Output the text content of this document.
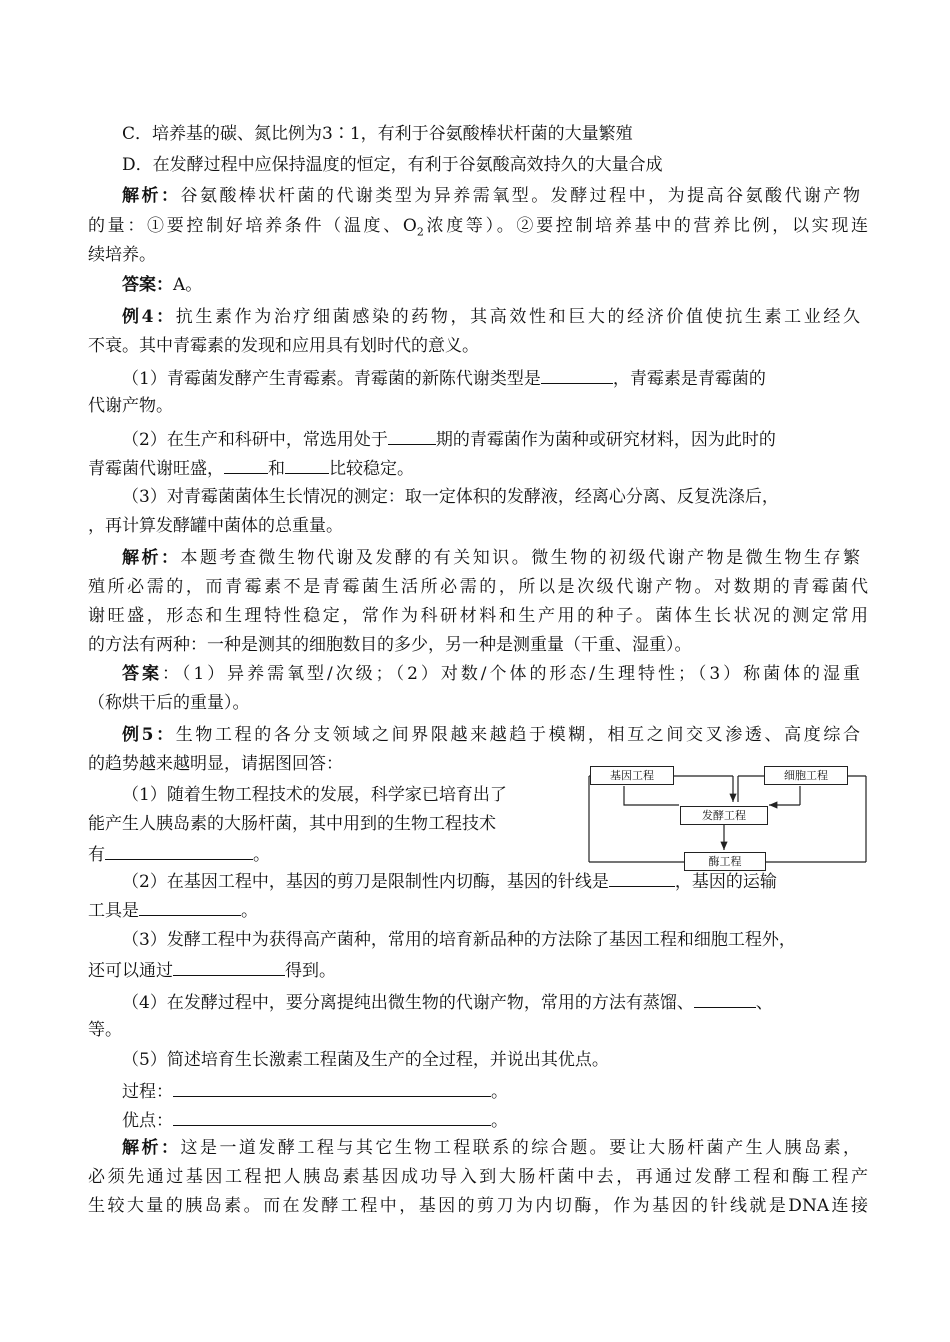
C．培养基的碳、氮比例为3∶1，有利于谷氨酸棒状杆菌的大量繁殖
D．在发酵过程中应保持温度的恒定，有利于谷氨酸高效持久的大量合成
解析：谷氨酸棒状杆菌的代谢类型为异养需氧型。发酵过程中，为提高谷氨酸代谢产物
的量：①要控制好培养条件（温度、$O_2$浓度等）。②要控制培养基中的营养比例，以实现连
续培养。
答案：A。
例4：抗生素作为治疗细菌感染的药物，其高效性和巨大的经济价值使抗生素工业经久
不衰。其中青霉素的发现和应用具有划时代的意义。
（1）青霉菌发酵产生青霉素。青霉菌的新陈代谢类型是	，青霉素是青霉菌的
代谢产物。
（2）在生产和科研中，常选用处于	期的青霉菌作为菌种或研究材料，因为此时的
青霉菌代谢旺盛，	和	比较稳定。
（3）对青霉菌菌体生长情况的测定：取一定体积的发酵液，经离心分离、反复洗涤后，
，再计算发酵罐中菌体的总重量。
解析：本题考查微生物代谢及发酵的有关知识。微生物的初级代谢产物是微生物生存繁
殖所必需的，而青霉素不是青霉菌生活所必需的，所以是次级代谢产物。对数期的青霉菌代
谢旺盛，形态和生理特性稳定，常作为科研材料和生产用的种子。菌体生长状况的测定常用
的方法有两种：一种是测其的细胞数目的多少，另一种是测重量（干重、湿重）。
答案：（1）异养需氧型/次级；（2）对数/个体的形态/生理特性；（3）称菌体的湿重
（称烘干后的重量）。
例5：生物工程的各分支领域之间界限越来越趋于模糊，相互之间交叉渗透、高度综合
的趋势越来越明显，请据图回答：
（1）随着生物工程技术的发展，科学家已培育出了
能产生人胰岛素的大肠杆菌，其中用到的生物工程技术
有	。
基因工程	细胞工程
发酵工程
酶工程
（2）在基因工程中，基因的剪刀是限制性内切酶，基因的针线是	，基因的运输
工具是	。
（3）发酵工程中为获得高产菌种，常用的培育新品种的方法除了基因工程和细胞工程外，
还可以通过	得到。
（4）在发酵过程中，要分离提纯出微生物的代谢产物，常用的方法有蒸馏、	、
等。
（5）简述培育生长激素工程菌及生产的全过程，并说出其优点。
过程：	。
优点：	。
解析：这是一道发酵工程与其它生物工程联系的综合题。要让大肠杆菌产生人胰岛素，
必须先通过基因工程把人胰岛素基因成功导入到大肠杆菌中去，再通过发酵工程和酶工程产
生较大量的胰岛素。而在发酵工程中，基因的剪刀为内切酶，作为基因的针线就是DNA连接
